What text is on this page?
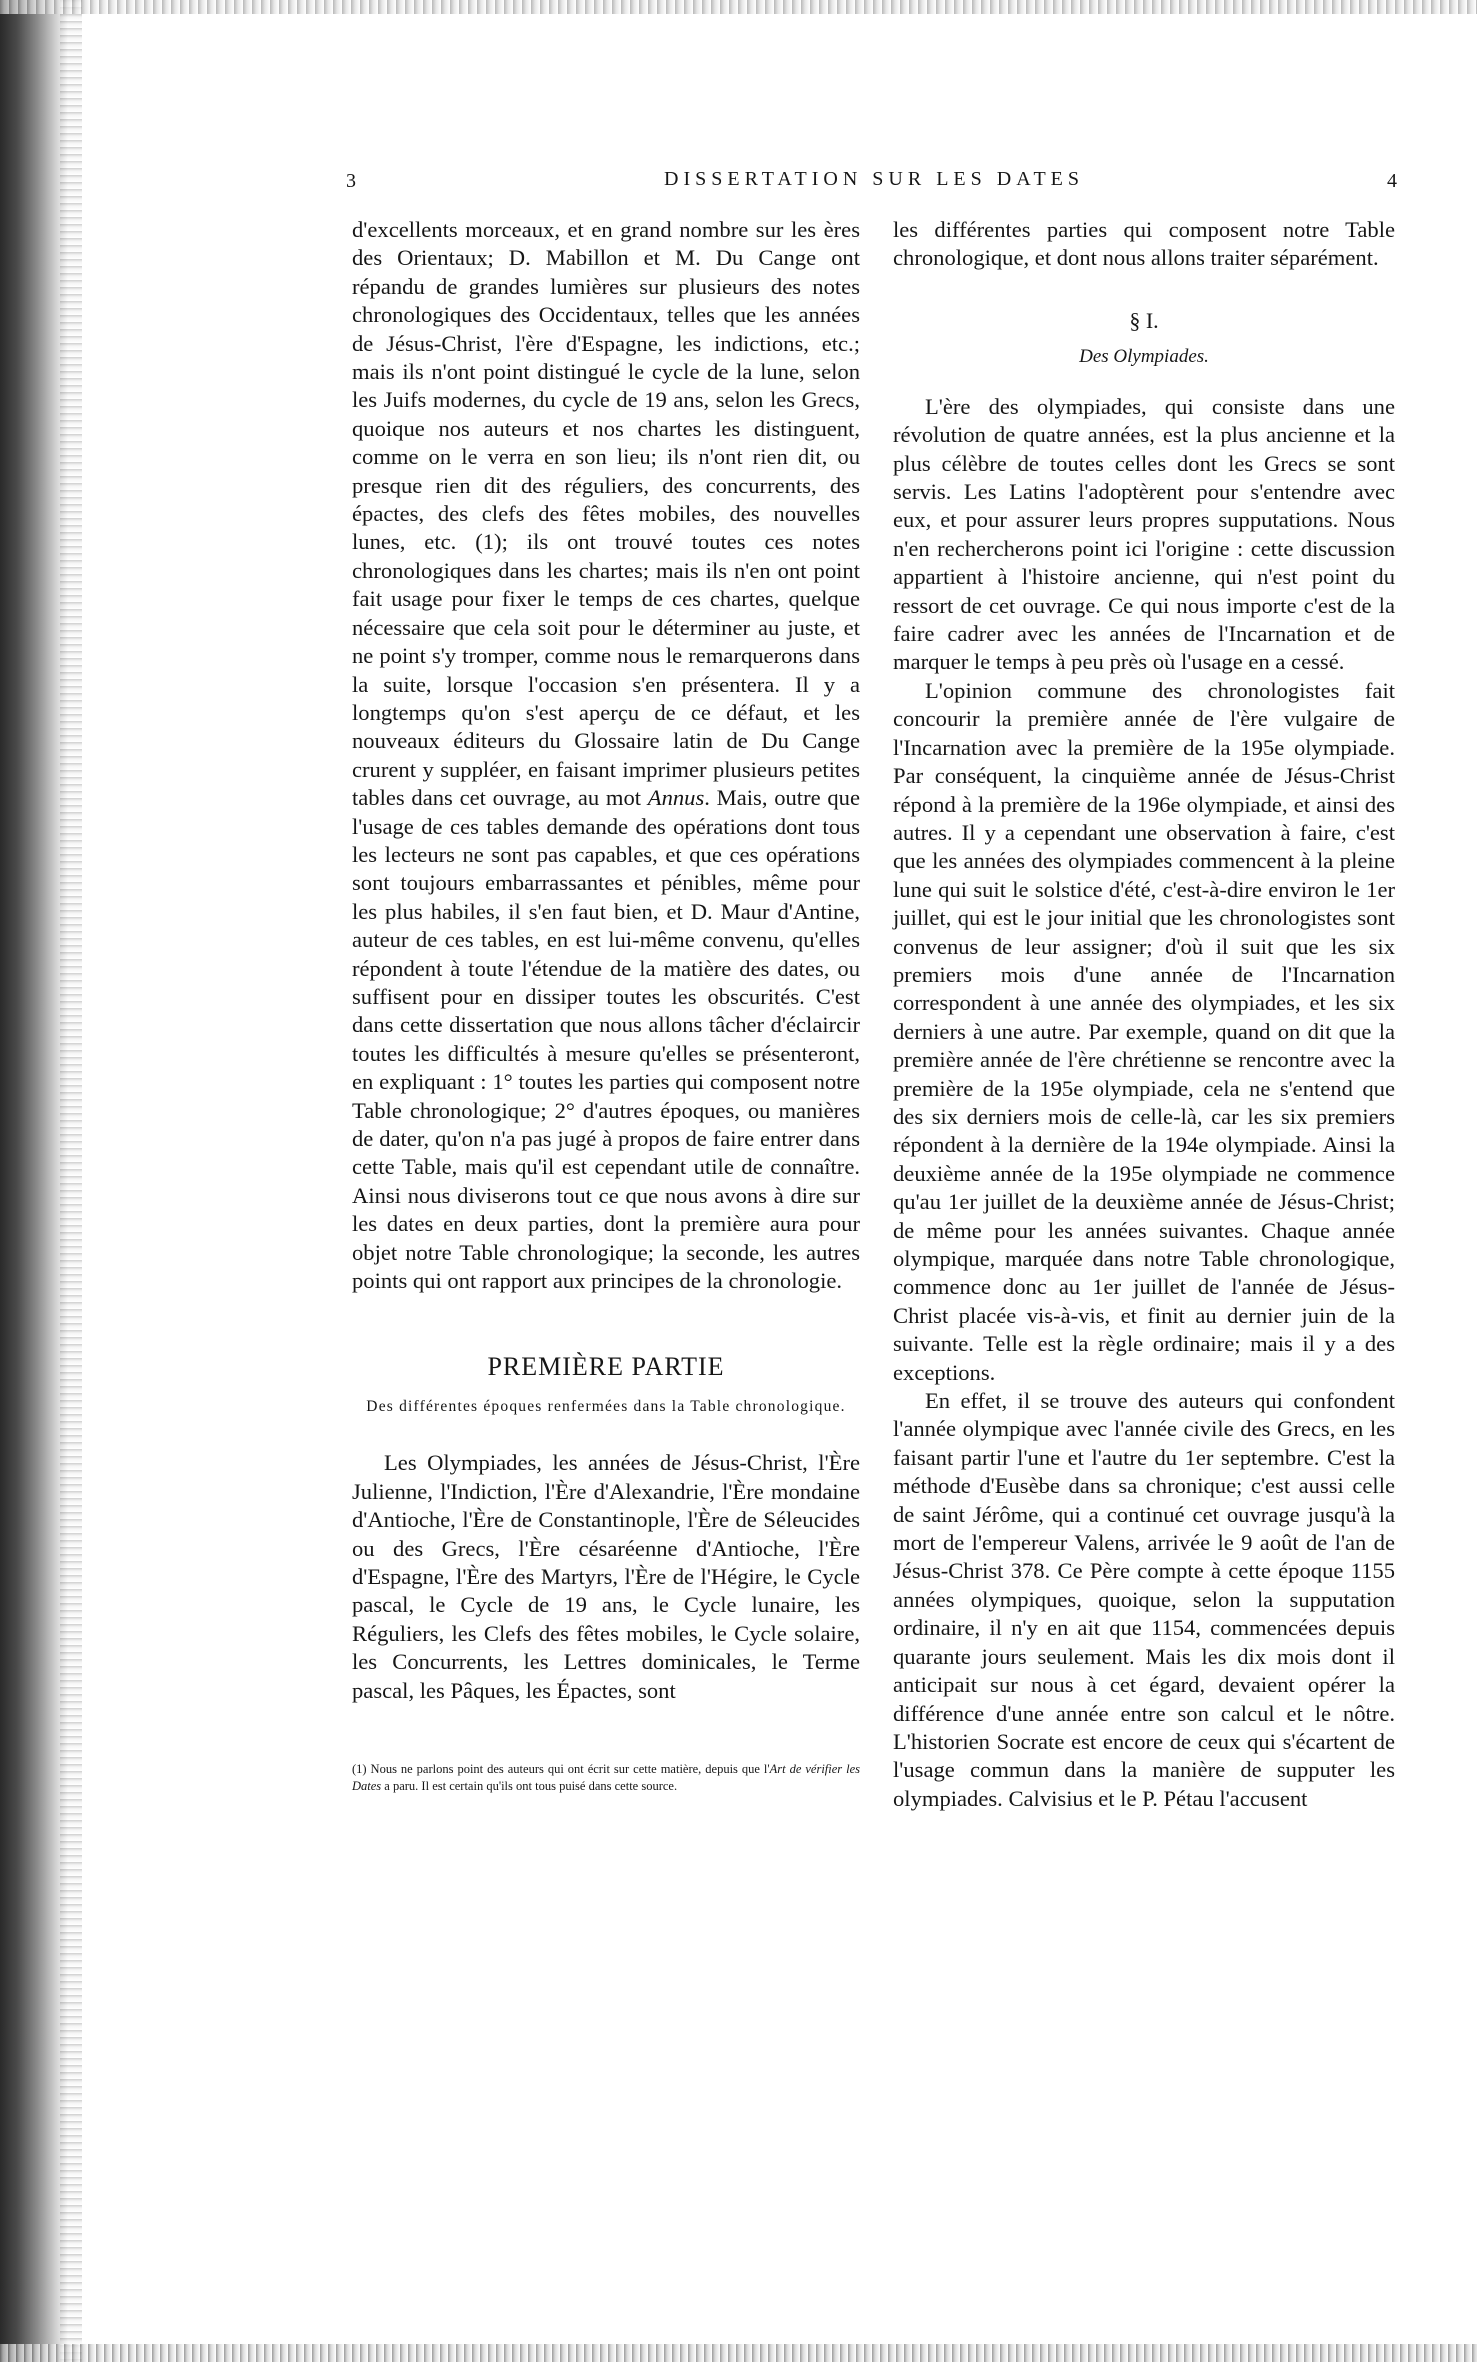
3	DISSERTATION SUR LES DATES	4

d'excellents morceaux, et en grand nombre sur les ères des Orientaux; D. Mabillon et M. Du Cange ont répandu de grandes lumières sur plusieurs des notes chronologiques des Occidentaux, telles que les années de Jésus-Christ, l'ère d'Espagne, les indictions, etc.; mais ils n'ont point distingué le cycle de la lune, selon les Juifs modernes, du cycle de 19 ans, selon les Grecs, quoique nos auteurs et nos chartes les distinguent, comme on le verra en son lieu; ils n'ont rien dit, ou presque rien dit des réguliers, des concurrents, des épactes, des clefs des fêtes mobiles, des nouvelles lunes, etc. (1); ils ont trouvé toutes ces notes chronologiques dans les chartes; mais ils n'en ont point fait usage pour fixer le temps de ces chartes, quelque nécessaire que cela soit pour le déterminer au juste, et ne point s'y tromper, comme nous le remarquerons dans la suite, lorsque l'occasion s'en présentera. Il y a longtemps qu'on s'est aperçu de ce défaut, et les nouveaux éditeurs du Glossaire latin de Du Cange crurent y suppléer, en faisant imprimer plusieurs petites tables dans cet ouvrage, au mot Annus. Mais, outre que l'usage de ces tables demande des opérations dont tous les lecteurs ne sont pas capables, et que ces opérations sont toujours embarrassantes et pénibles, même pour les plus habiles, il s'en faut bien, et D. Maur d'Antine, auteur de ces tables, en est lui-même convenu, qu'elles répondent à toute l'étendue de la matière des dates, ou suffisent pour en dissiper toutes les obscurités. C'est dans cette dissertation que nous allons tâcher d'éclaircir toutes les difficultés à mesure qu'elles se présenteront, en expliquant : 1° toutes les parties qui composent notre Table chronologique; 2° d'autres époques, ou manières de dater, qu'on n'a pas jugé à propos de faire entrer dans cette Table, mais qu'il est cependant utile de connaître. Ainsi nous diviserons tout ce que nous avons à dire sur les dates en deux parties, dont la première aura pour objet notre Table chronologique; la seconde, les autres points qui ont rapport aux principes de la chronologie.

PREMIÈRE PARTIE
Des différentes époques renfermées dans la Table chronologique.

Les Olympiades, les années de Jésus-Christ, l'Ère Julienne, l'Indiction, l'Ère d'Alexandrie, l'Ère mondaine d'Antioche, l'Ère de Constantinople, l'Ère de Séleucides ou des Grecs, l'Ère césaréenne d'Antioche, l'Ère d'Espagne, l'Ère des Martyrs, l'Ère de l'Hégire, le Cycle pascal, le Cycle de 19 ans, le Cycle lunaire, les Réguliers, les Clefs des fêtes mobiles, le Cycle solaire, les Concurrents, les Lettres dominicales, le Terme pascal, les Pâques, les Épactes, sont

(1) Nous ne parlons point des auteurs qui ont écrit sur cette matière, depuis que l'Art de vérifier les Dates a paru. Il est certain qu'ils ont tous puisé dans cette source.

les différentes parties qui composent notre Table chronologique, et dont nous allons traiter séparément.

§ I.
Des Olympiades.

L'ère des olympiades, qui consiste dans une révolution de quatre années, est la plus ancienne et la plus célèbre de toutes celles dont les Grecs se sont servis. Les Latins l'adoptèrent pour s'entendre avec eux, et pour assurer leurs propres supputations. Nous n'en rechercherons point ici l'origine : cette discussion appartient à l'histoire ancienne, qui n'est point du ressort de cet ouvrage. Ce qui nous importe c'est de la faire cadrer avec les années de l'Incarnation et de marquer le temps à peu près où l'usage en a cessé.

L'opinion commune des chronologistes fait concourir la première année de l'ère vulgaire de l'Incarnation avec la première de la 195e olympiade. Par conséquent, la cinquième année de Jésus-Christ répond à la première de la 196e olympiade, et ainsi des autres. Il y a cependant une observation à faire, c'est que les années des olympiades commencent à la pleine lune qui suit le solstice d'été, c'est-à-dire environ le 1er juillet, qui est le jour initial que les chronologistes sont convenus de leur assigner; d'où il suit que les six premiers mois d'une année de l'Incarnation correspondent à une année des olympiades, et les six derniers à une autre. Par exemple, quand on dit que la première année de l'ère chrétienne se rencontre avec la première de la 195e olympiade, cela ne s'entend que des six derniers mois de celle-là, car les six premiers répondent à la dernière de la 194e olympiade. Ainsi la deuxième année de la 195e olympiade ne commence qu'au 1er juillet de la deuxième année de Jésus-Christ; de même pour les années suivantes. Chaque année olympique, marquée dans notre Table chronologique, commence donc au 1er juillet de l'année de Jésus-Christ placée vis-à-vis, et finit au dernier juin de la suivante. Telle est la règle ordinaire; mais il y a des exceptions.

En effet, il se trouve des auteurs qui confondent l'année olympique avec l'année civile des Grecs, en les faisant partir l'une et l'autre du 1er septembre. C'est la méthode d'Eusèbe dans sa chronique; c'est aussi celle de saint Jérôme, qui a continué cet ouvrage jusqu'à la mort de l'empereur Valens, arrivée le 9 août de l'an de Jésus-Christ 378. Ce Père compte à cette époque 1155 années olympiques, quoique, selon la supputation ordinaire, il n'y en ait que 1154, commencées depuis quarante jours seulement. Mais les dix mois dont il anticipait sur nous à cet égard, devaient opérer la différence d'une année entre son calcul et le nôtre. L'historien Socrate est encore de ceux qui s'écartent de l'usage commun dans la manière de supputer les olympiades. Calvisius et le P. Pétau l'accusent
